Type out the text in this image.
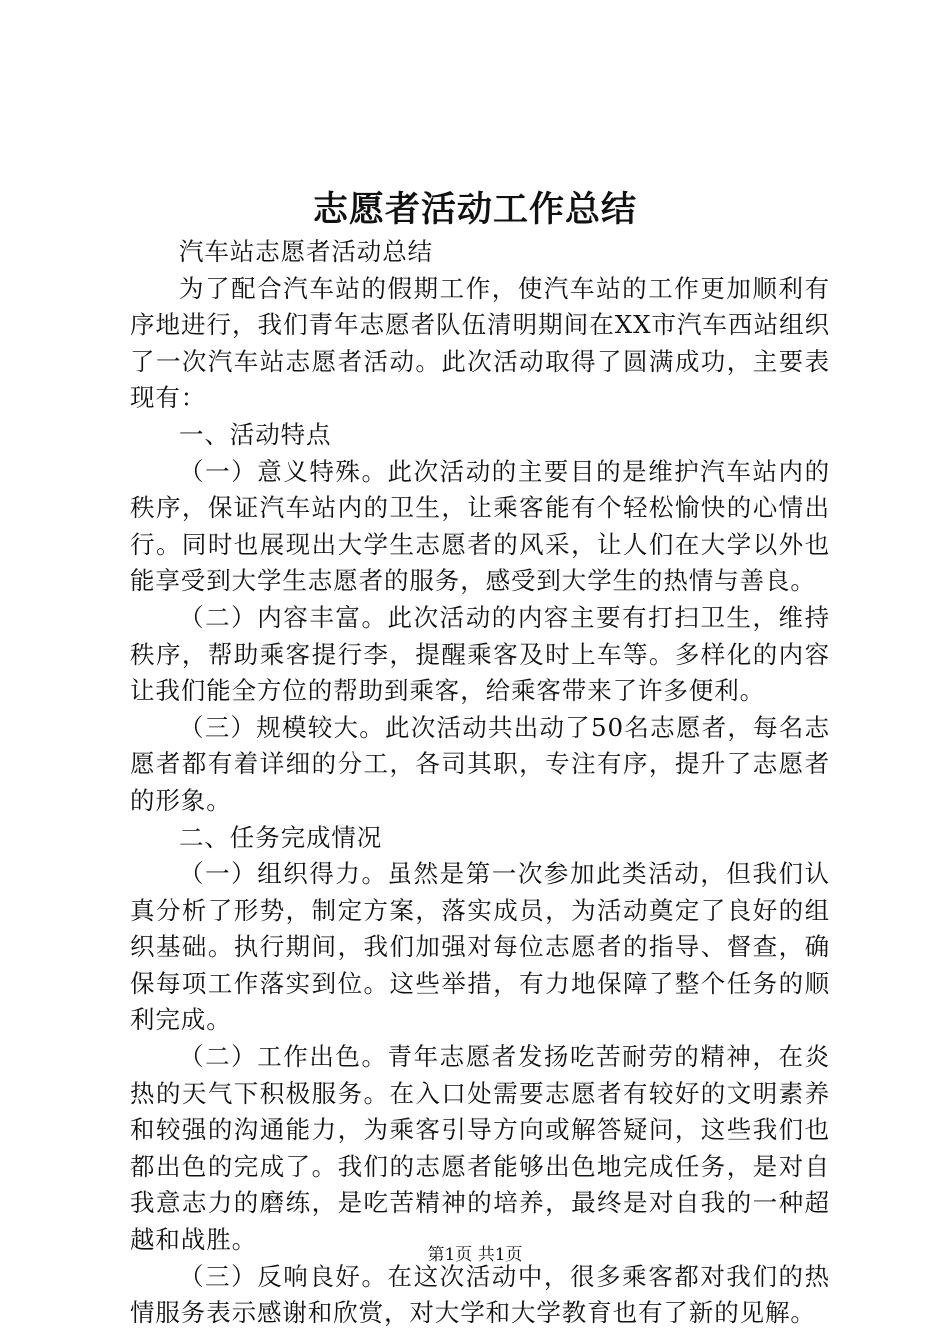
志愿者活动工作总结

汽车站志愿者活动总结

为了配合汽车站的假期工作，使汽车站的工作更加顺利有序地进行，我们青年志愿者队伍清明期间在XX市汽车西站组织了一次汽车站志愿者活动。此次活动取得了圆满成功，主要表现有：

一、活动特点

（一）意义特殊。此次活动的主要目的是维护汽车站内的秩序，保证汽车站内的卫生，让乘客能有个轻松愉快的心情出行。同时也展现出大学生志愿者的风采，让人们在大学以外也能享受到大学生志愿者的服务，感受到大学生的热情与善良。

（二）内容丰富。此次活动的内容主要有打扫卫生，维持秩序，帮助乘客提行李，提醒乘客及时上车等。多样化的内容让我们能全方位的帮助到乘客，给乘客带来了许多便利。

（三）规模较大。此次活动共出动了50名志愿者，每名志愿者都有着详细的分工，各司其职，专注有序，提升了志愿者的形象。

二、任务完成情况

（一）组织得力。虽然是第一次参加此类活动，但我们认真分析了形势，制定方案，落实成员，为活动奠定了良好的组织基础。执行期间，我们加强对每位志愿者的指导、督查，确保每项工作落实到位。这些举措，有力地保障了整个任务的顺利完成。

（二）工作出色。青年志愿者发扬吃苦耐劳的精神，在炎热的天气下积极服务。在入口处需要志愿者有较好的文明素养和较强的沟通能力，为乘客引导方向或解答疑问，这些我们也都出色的完成了。我们的志愿者能够出色地完成任务，是对自我意志力的磨练，是吃苦精神的培养，最终是对自我的一种超越和战胜。

（三）反响良好。在这次活动中，很多乘客都对我们的热情服务表示感谢和欣赏，对大学和大学教育也有了新的见解。

第1页 共1页
